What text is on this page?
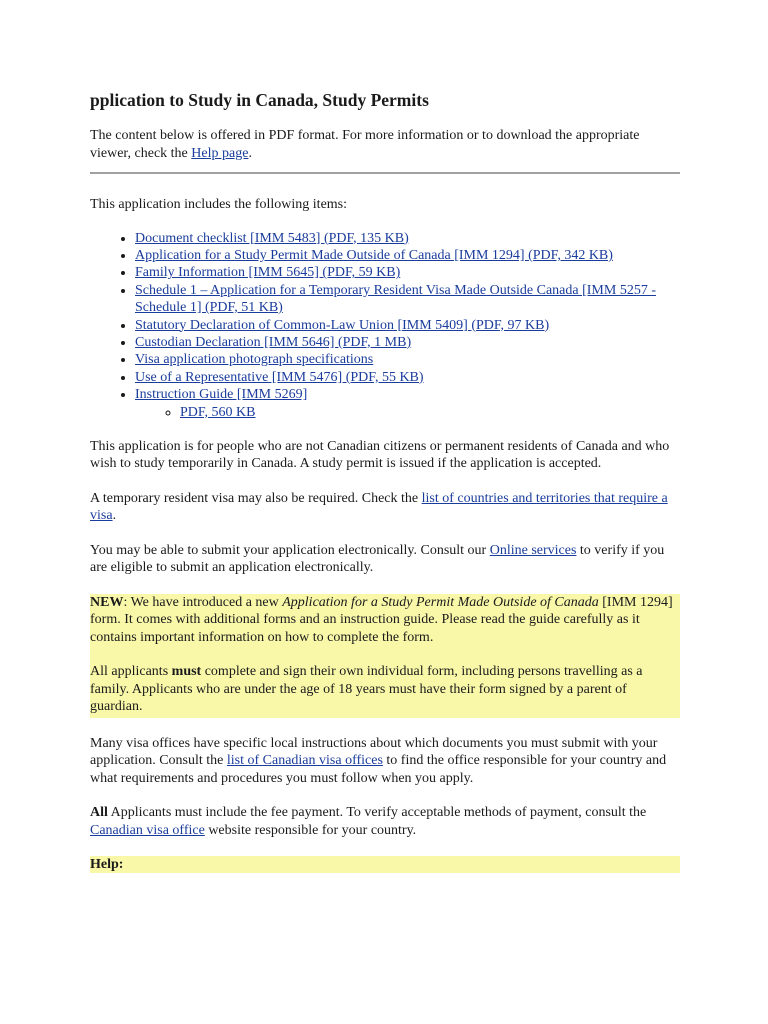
pplication to Study in Canada, Study Permits

The content below is offered in PDF format. For more information or to download the appropriate viewer, check the Help page.

This application includes the following items:

• Document checklist [IMM 5483] (PDF, 135 KB)
• Application for a Study Permit Made Outside of Canada [IMM 1294] (PDF, 342 KB)
• Family Information [IMM 5645] (PDF, 59 KB)
• Schedule 1 – Application for a Temporary Resident Visa Made Outside Canada [IMM 5257 - Schedule 1] (PDF, 51 KB)
• Statutory Declaration of Common-Law Union [IMM 5409] (PDF, 97 KB)
• Custodian Declaration [IMM 5646] (PDF, 1 MB)
• Visa application photograph specifications
• Use of a Representative [IMM 5476] (PDF, 55 KB)
• Instruction Guide [IMM 5269]
◦ PDF, 560 KB

This application is for people who are not Canadian citizens or permanent residents of Canada and who wish to study temporarily in Canada. A study permit is issued if the application is accepted.

A temporary resident visa may also be required. Check the list of countries and territories that require a visa.

You may be able to submit your application electronically. Consult our Online services to verify if you are eligible to submit an application electronically.

NEW: We have introduced a new Application for a Study Permit Made Outside of Canada [IMM 1294] form. It comes with additional forms and an instruction guide. Please read the guide carefully as it contains important information on how to complete the form.

All applicants must complete and sign their own individual form, including persons travelling as a family. Applicants who are under the age of 18 years must have their form signed by a parent of guardian.

Many visa offices have specific local instructions about which documents you must submit with your application. Consult the list of Canadian visa offices to find the office responsible for your country and what requirements and procedures you must follow when you apply.

All Applicants must include the fee payment. To verify acceptable methods of payment, consult the Canadian visa office website responsible for your country.

Help:
